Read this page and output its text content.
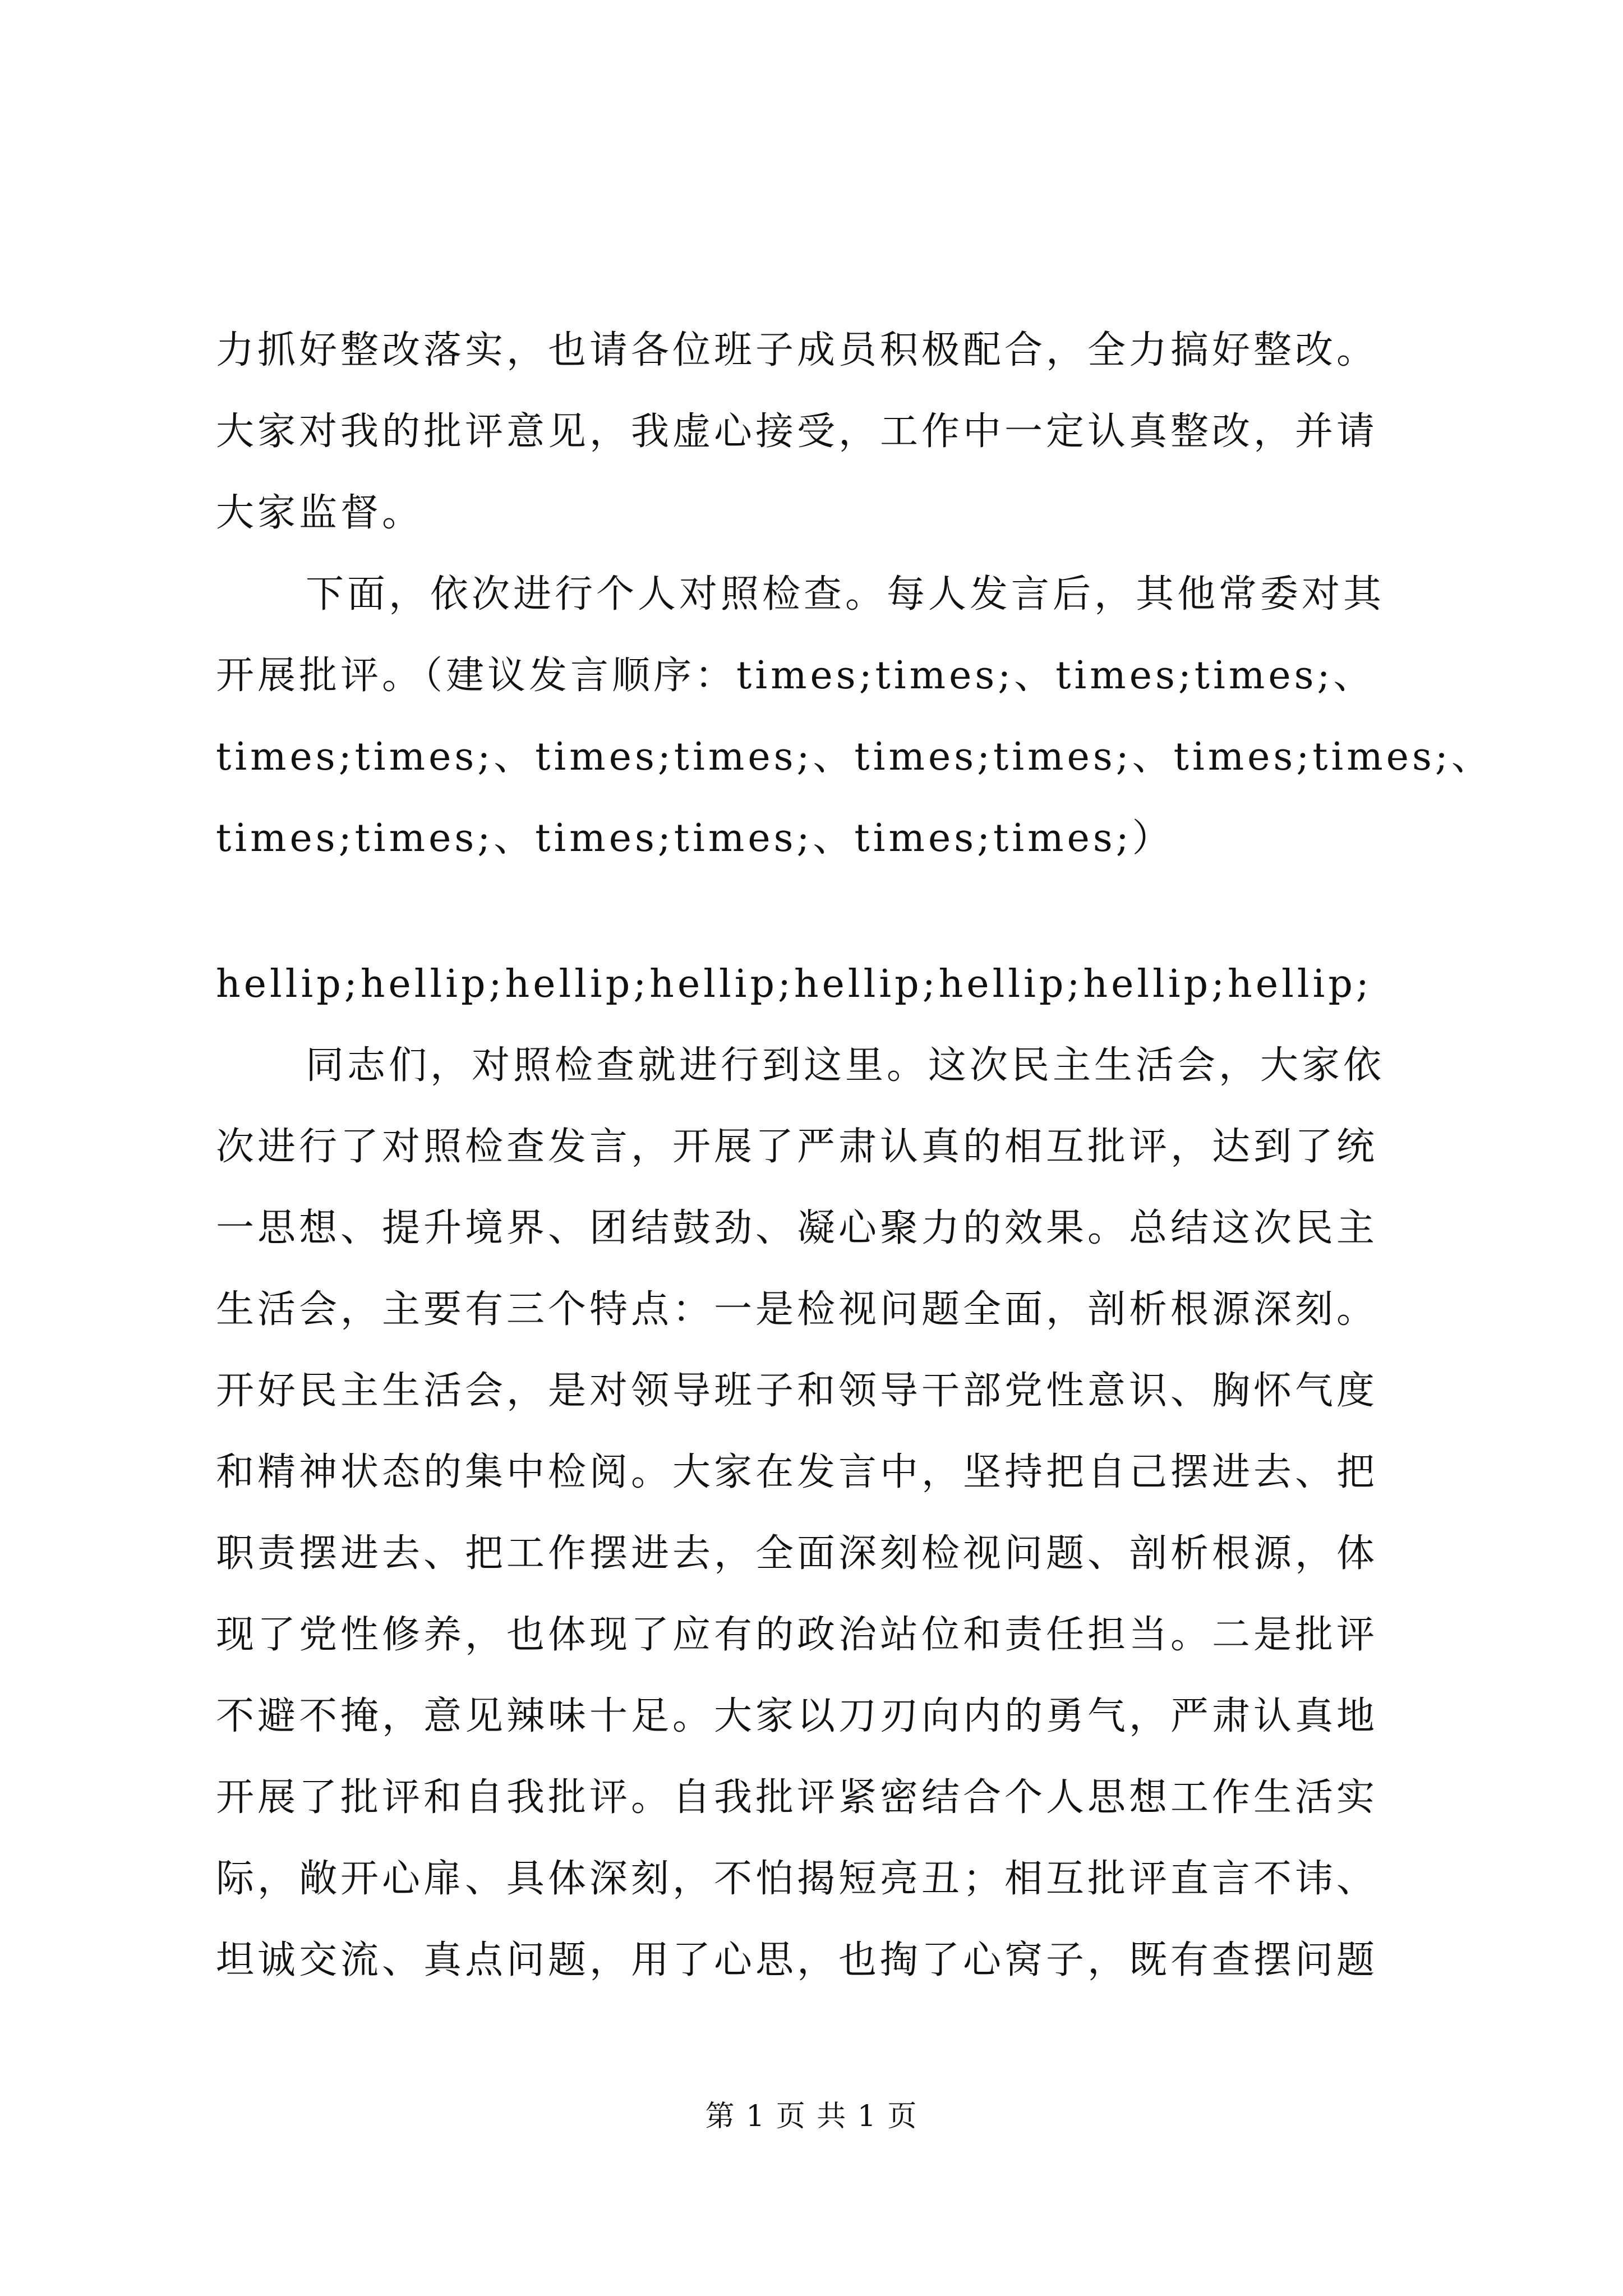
力抓好整改落实，也请各位班子成员积极配合，全力搞好整改。
大家对我的批评意见，我虚心接受，工作中一定认真整改，并请
大家监督。
下面，依次进行个人对照检查。每人发言后，其他常委对其
开展批评。（建议发言顺序：times;times;、times;times;、
times;times;、times;times;、times;times;、times;times;、
times;times;、times;times;、times;times;）
hellip;hellip;hellip;hellip;hellip;hellip;hellip;hellip;
同志们，对照检查就进行到这里。这次民主生活会，大家依
次进行了对照检查发言，开展了严肃认真的相互批评，达到了统
一思想、提升境界、团结鼓劲、凝心聚力的效果。总结这次民主
生活会，主要有三个特点：一是检视问题全面，剖析根源深刻。
开好民主生活会，是对领导班子和领导干部党性意识、胸怀气度
和精神状态的集中检阅。大家在发言中，坚持把自己摆进去、把
职责摆进去、把工作摆进去，全面深刻检视问题、剖析根源，体
现了党性修养，也体现了应有的政治站位和责任担当。二是批评
不避不掩，意见辣味十足。大家以刀刃向内的勇气，严肃认真地
开展了批评和自我批评。自我批评紧密结合个人思想工作生活实
际，敞开心扉、具体深刻，不怕揭短亮丑；相互批评直言不讳、
坦诚交流、真点问题，用了心思，也掏了心窝子，既有查摆问题
第 1 页 共 1 页
